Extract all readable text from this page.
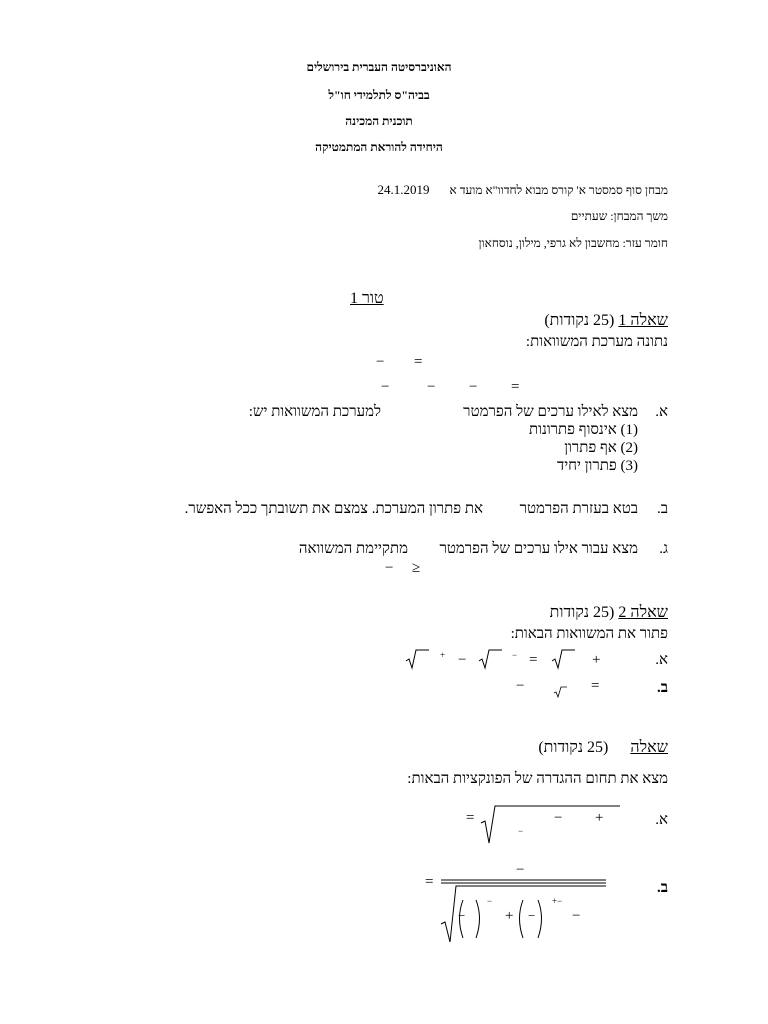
האוניברסיטה העברית בירושלים
בביה"ס לתלמידי חו"ל
תוכנית המכינה
היחידה להוראת המתמטיקה
מבחן סוף סמסטר א' קורס מבוא לחדוו"א מועד א  24.1.2019
משך המבחן: שעתיים
חומר עזר: מחשבון לא גרפי, מילון, נוסחאון
טור 1
שאלה 1 (25 נקודות)
נתונה מערכת המשוואות:
− =
−	− − =
א.
מצא לאילו ערכים של הפרמטר
למערכת המשוואות יש:
(1) אינסוף פתרונות
(2) אף פתרון
(3) פתרון יחיד
ב.
בטא בעזרת הפרמטר
את פתרון המערכת. צמצם את תשובתך ככל האפשר.
ג.
מצא עבור אילו ערכים של הפרמטר
מתקיימת המשוואה
− ≥
שאלה 2 (25 נקודות
פתור את המשוואות הבאות:
א.
+ −	− =	+
ב.
−	=
שאלה (25 נקודות)
מצא את תחום ההגדרה של הפונקציות הבאות:
א.
=
−
− +
ב.
−
=
−
−
+ −
+−
−
